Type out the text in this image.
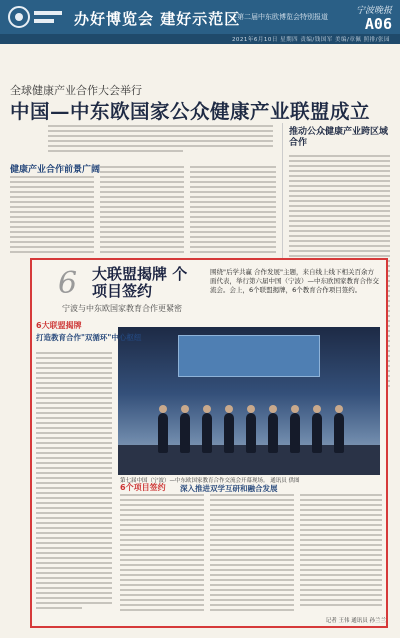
办好博览会 建好示范区
—第二届中东欧博览会特别报道
宁波晚报
A06
2021年6月10日 星期四 责编/钱国军 美编/章佩 照排/张园
全球健康产业合作大会举行
中国—中东欧国家公众健康产业联盟成立
推动公众健康产业跨区域合作
健康产业合作前景广阔
6 大联盟揭牌 个项目签约
宁波与中东欧国家教育合作更紧密
围绕"后学共赢 合作发展"主题，来自线上线下相关百余方面代表，举行第六届中国（宁波）—中东欧国家教育合作交流会。会上，6个联盟揭牌，6个教育合作项目签约。
第七届中国（宁波）—中东欧国家教育合作交流会开幕现场。 通讯员 供图
6大联盟揭牌
打造教育合作"双循环"中心枢纽
6个项目签约 深入推进双学互研和融合发展
记者 王伟 通讯员 孙兰兰
